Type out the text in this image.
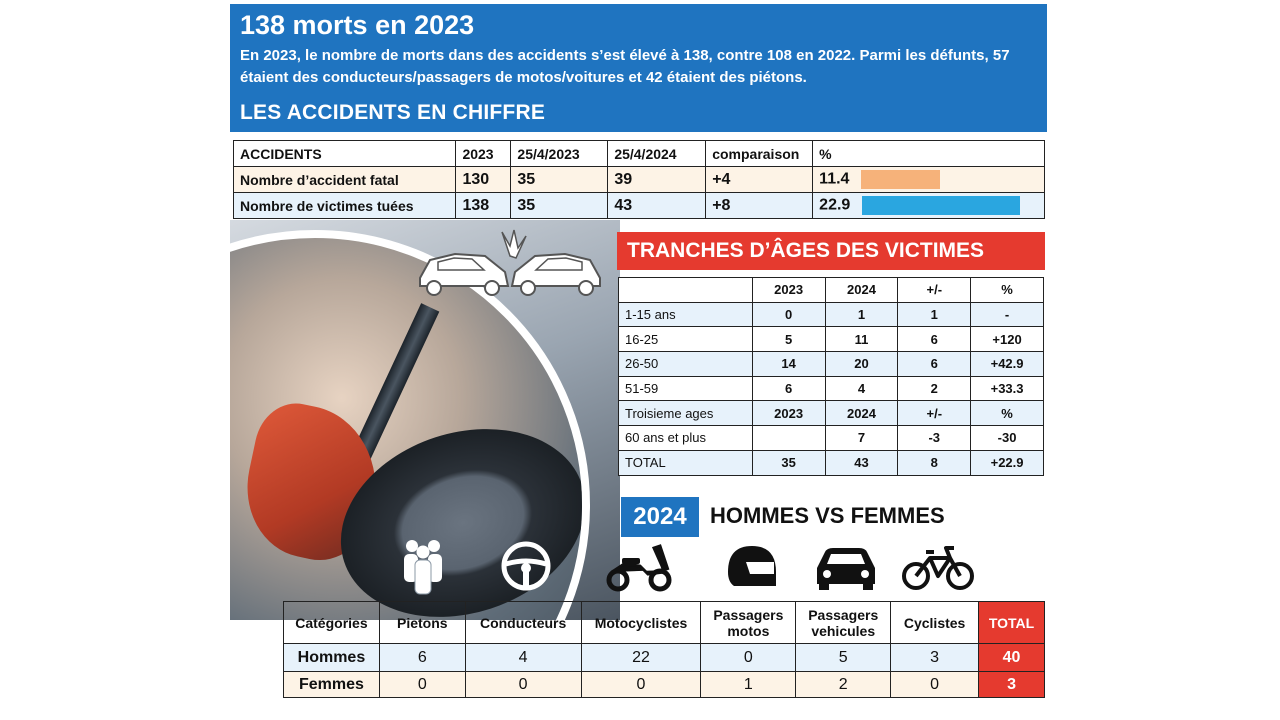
138 morts en 2023
En 2023, le nombre de morts dans des accidents s’est élevé à 138, contre 108 en 2022. Parmi les défunts, 57 étaient des conducteurs/passagers de motos/voitures et 42 étaient des piétons.
LES ACCIDENTS EN CHIFFRE
ACCIDENTS	2023	25/4/2023	25/4/2024	comparaison	%
Nombre d’accident fatal	130	35	39	+4	11.4
Nombre de victimes tuées	138	35	43	+8	22.9
TRANCHES D’ÂGES DES VICTIMES
	2023	2024	+/-	%
1-15 ans	0	1	1	-
16-25	5	11	6	+120
26-50	14	20	6	+42.9
51-59	6	4	2	+33.3
Troisieme ages	2023	2024	+/-	%
60 ans et plus		7	-3	-30
TOTAL	35	43	8	+22.9
2024	HOMMES VS FEMMES
Catégories	Pietons	Conducteurs	Motocyclistes	Passagers motos	Passagers vehicules	Cyclistes	TOTAL
Hommes	6	4	22	0	5	3	40
Femmes	0	0	0	1	2	0	3
